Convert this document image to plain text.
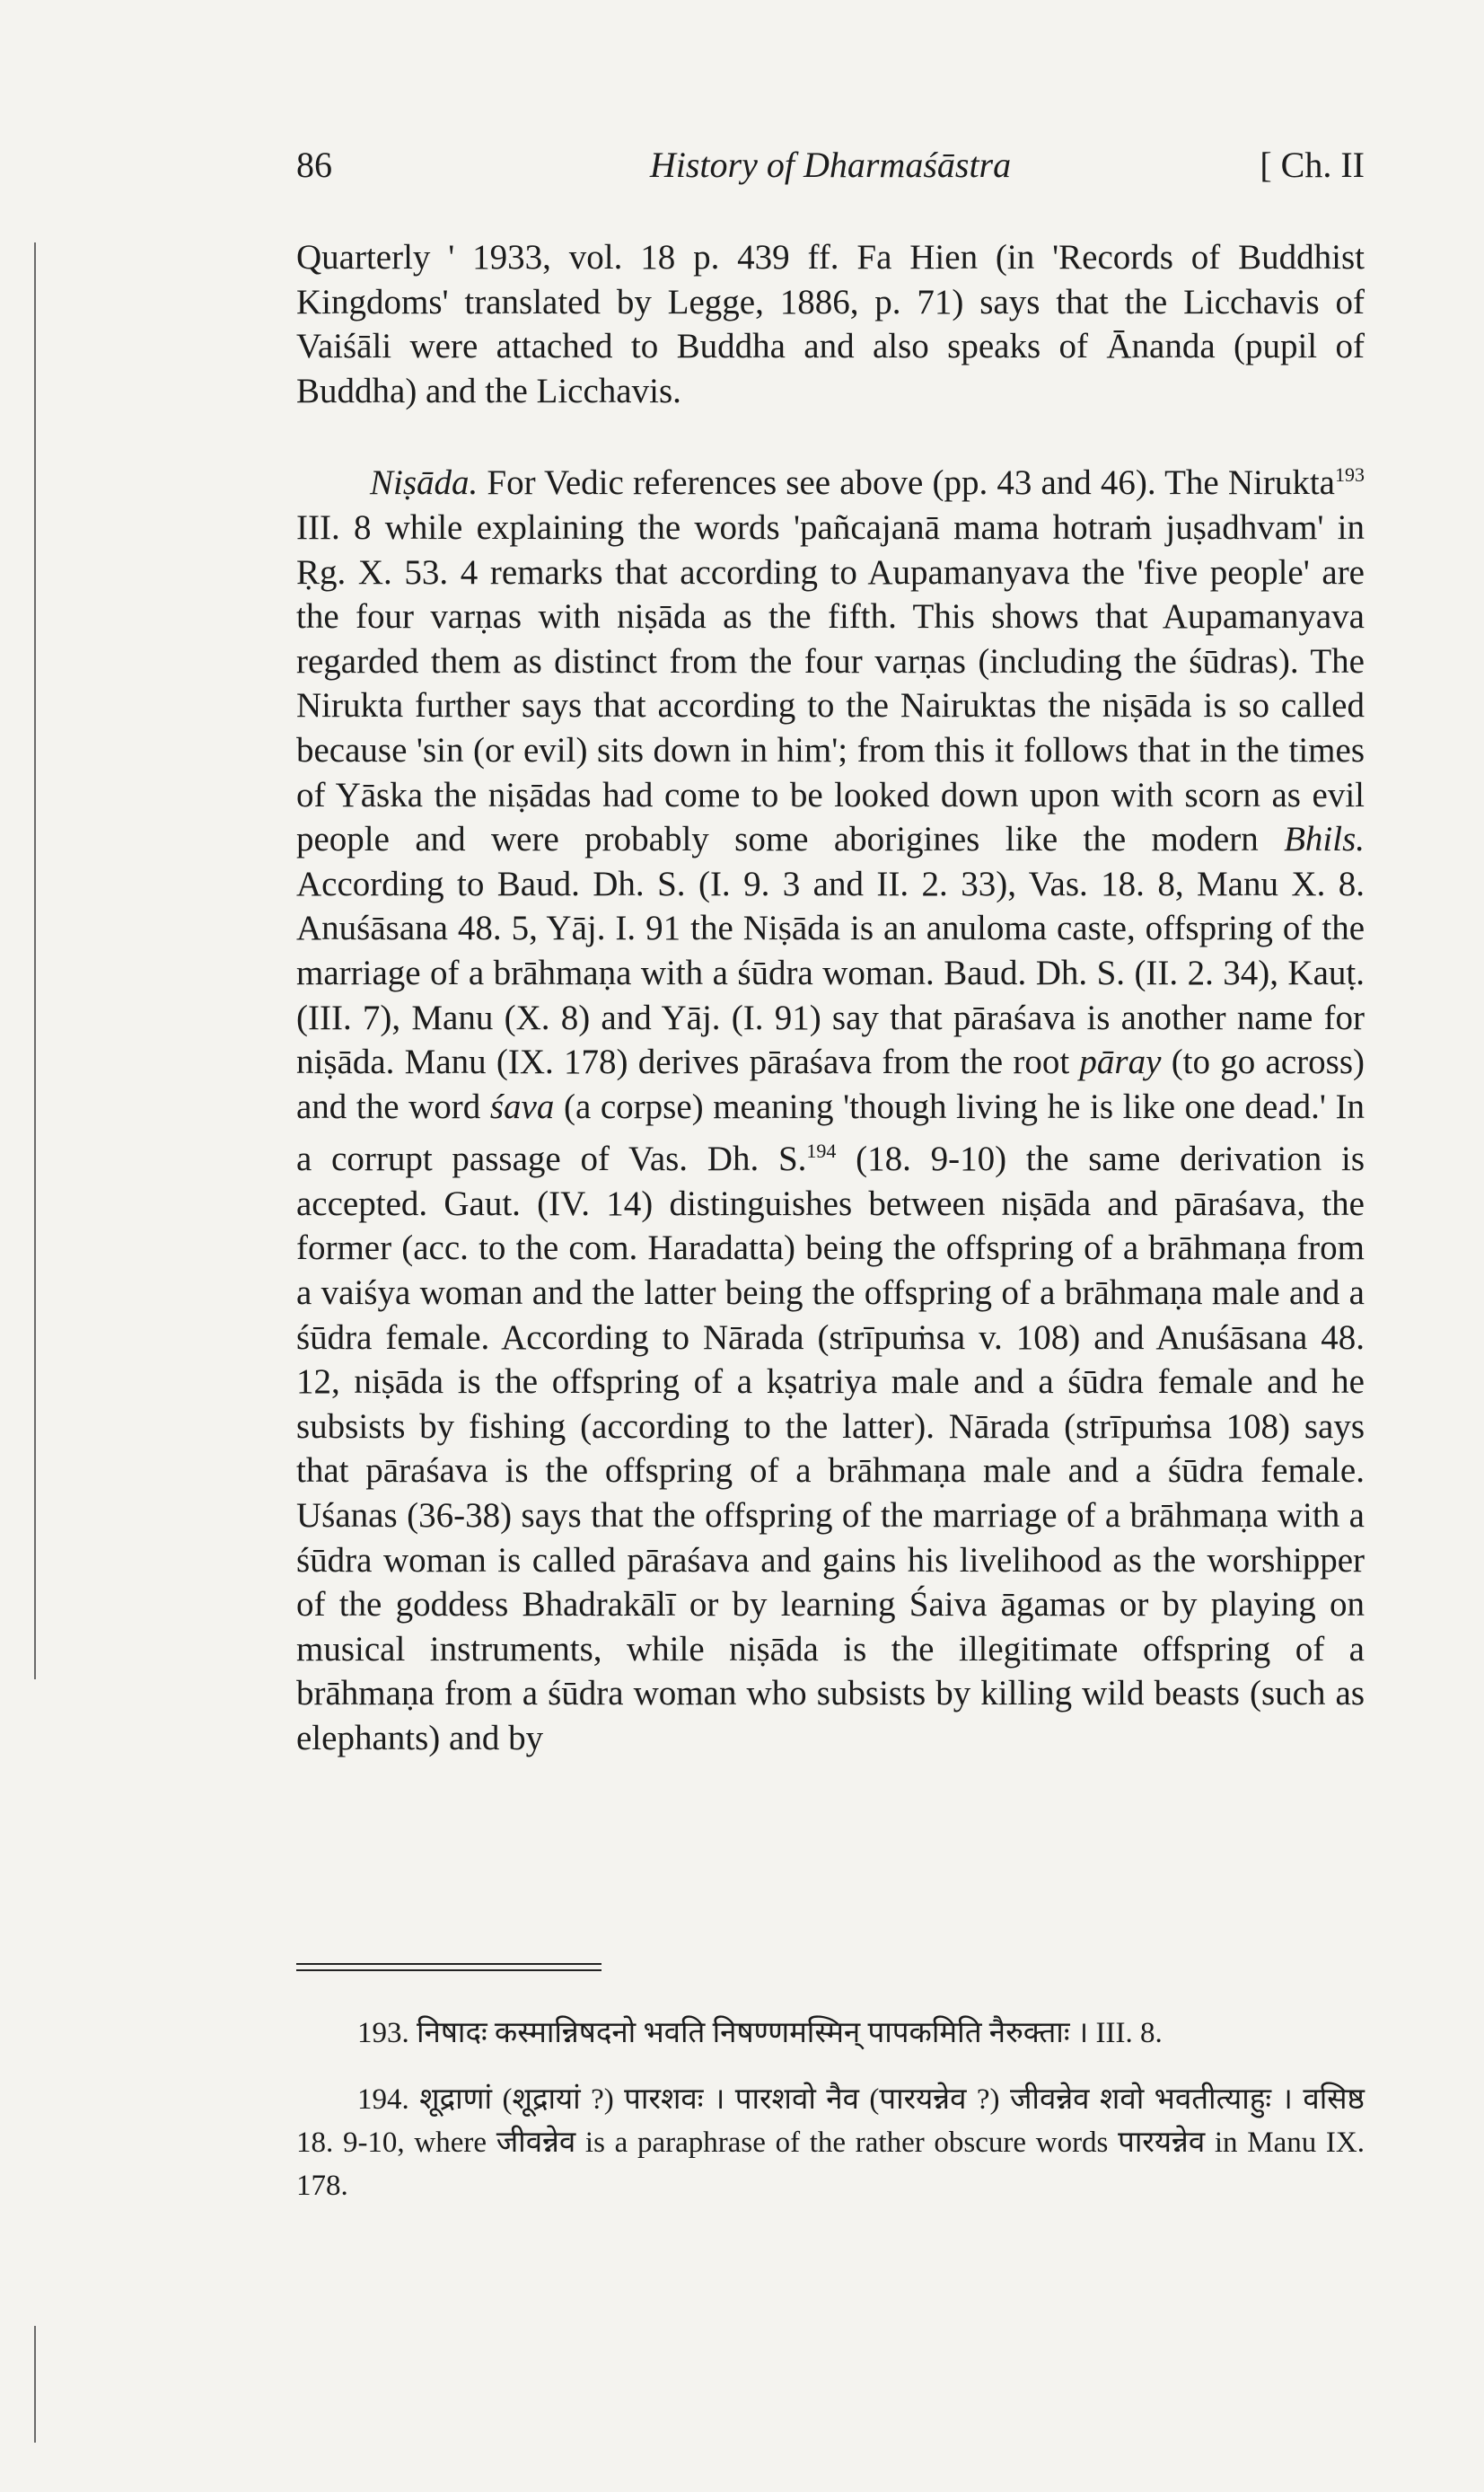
86	History of Dharmaśāstra	[ Ch. II

Quarterly ' 1933, vol. 18 p. 439 ff. Fa Hien (in 'Records of Buddhist Kingdoms' translated by Legge, 1886, p. 71) says that the Licchavis of Vaiśāli were attached to Buddha and also speaks of Ānanda (pupil of Buddha) and the Licchavis.

Niṣāda. For Vedic references see above (pp. 43 and 46). The Nirukta$^{193}$ III. 8 while explaining the words 'pañcajanā mama hotraṁ juṣadhvam' in Ṛg. X. 53. 4 remarks that according to Aupamanyava the 'five people' are the four varṇas with niṣāda as the fifth. This shows that Aupamanyava regarded them as distinct from the four varṇas (including the śūdras). The Nirukta further says that according to the Nairuktas the niṣāda is so called because 'sin (or evil) sits down in him'; from this it follows that in the times of Yāska the niṣādas had come to be looked down upon with scorn as evil people and were probably some aborigines like the modern Bhils. According to Baud. Dh. S. (I. 9. 3 and II. 2. 33), Vas. 18. 8, Manu X. 8. Anuśāsana 48. 5, Yāj. I. 91 the Niṣāda is an anuloma caste, offspring of the marriage of a brāhmaṇa with a śūdra woman. Baud. Dh. S. (II. 2. 34), Kauṭ. (III. 7), Manu (X. 8) and Yāj. (I. 91) say that pāraśava is another name for niṣāda. Manu (IX. 178) derives pāraśava from the root pāray (to go across) and the word śava (a corpse) meaning 'though living he is like one dead.' In a corrupt passage of Vas. Dh. S.$^{194}$ (18. 9-10) the same derivation is accepted. Gaut. (IV. 14) distinguishes between niṣāda and pāraśava, the former (acc. to the com. Haradatta) being the offspring of a brāhmaṇa from a vaiśya woman and the latter being the offspring of a brāhmaṇa male and a śūdra female. According to Nārada (strīpuṁsa v. 108) and Anuśāsana 48. 12, niṣāda is the offspring of a kṣatriya male and a śūdra female and he subsists by fishing (according to the latter). Nārada (strīpuṁsa 108) says that pāraśava is the offspring of a brāhmaṇa male and a śūdra female. Uśanas (36-38) says that the offspring of the marriage of a brāhmaṇa with a śūdra woman is called pāraśava and gains his livelihood as the worshipper of the goddess Bhadrakālī or by learning Śaiva āgamas or by playing on musical instruments, while niṣāda is the illegitimate offspring of a brāhmaṇa from a śūdra woman who subsists by killing wild beasts (such as elephants) and by

193. निषादः कस्मान्निषदनो भवति निषण्णमस्मिन् पापकमिति नैरुक्ताः । III. 8.

194. शूद्राणां (शूद्रायां ?) पारशवः । पारशवो नैव (पारयन्नेव ?) जीवन्नेव शवो भवतीत्याहुः । वसिष्ठ 18. 9-10, where जीवन्नेव is a paraphrase of the rather obscure words पारयन्नेव in Manu IX. 178.
